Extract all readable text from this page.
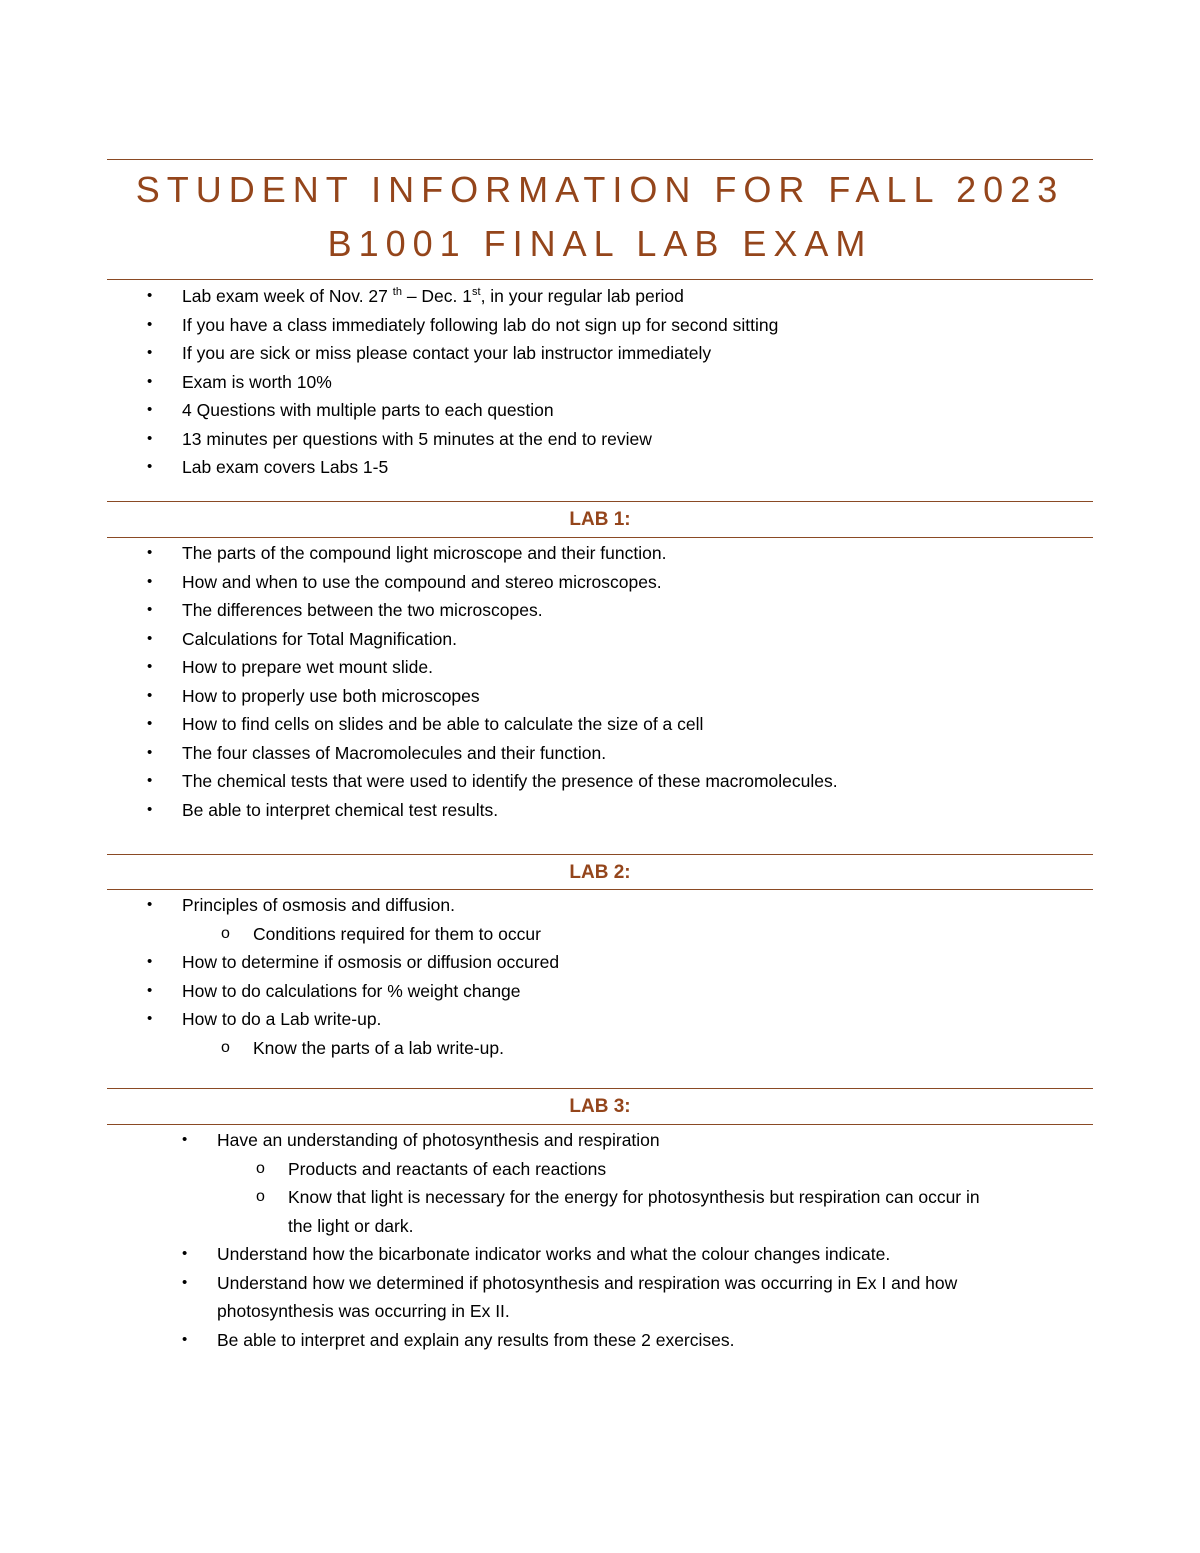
STUDENT INFORMATION FOR FALL 2023
B1001 FINAL LAB EXAM
• Lab exam week of Nov. 27 $^{th}$ – Dec. 1st, in your regular lab period
• If you have a class immediately following lab do not sign up for second sitting
• If you are sick or miss please contact your lab instructor immediately
• Exam is worth 10%
• 4 Questions with multiple parts to each question
• 13 minutes per questions with 5 minutes at the end to review
• Lab exam covers Labs 1-5
LAB 1:
• The parts of the compound light microscope and their function.
• How and when to use the compound and stereo microscopes.
• The differences between the two microscopes.
• Calculations for Total Magnification.
• How to prepare wet mount slide.
• How to properly use both microscopes
• How to find cells on slides and be able to calculate the size of a cell
• The four classes of Macromolecules and their function.
• The chemical tests that were used to identify the presence of these macromolecules.
• Be able to interpret chemical test results.
LAB 2:
• Principles of osmosis and diffusion.
o Conditions required for them to occur
• How to determine if osmosis or diffusion occured
• How to do calculations for % weight change
• How to do a Lab write-up.
o Know the parts of a lab write-up.
LAB 3:
• Have an understanding of photosynthesis and respiration
o Products and reactants of each reactions
o Know that light is necessary for the energy for photosynthesis but respiration can occur in
the light or dark.
• Understand how the bicarbonate indicator works and what the colour changes indicate.
• Understand how we determined if photosynthesis and respiration was occurring in Ex I and how
photosynthesis was occurring in Ex II.
• Be able to interpret and explain any results from these 2 exercises.
